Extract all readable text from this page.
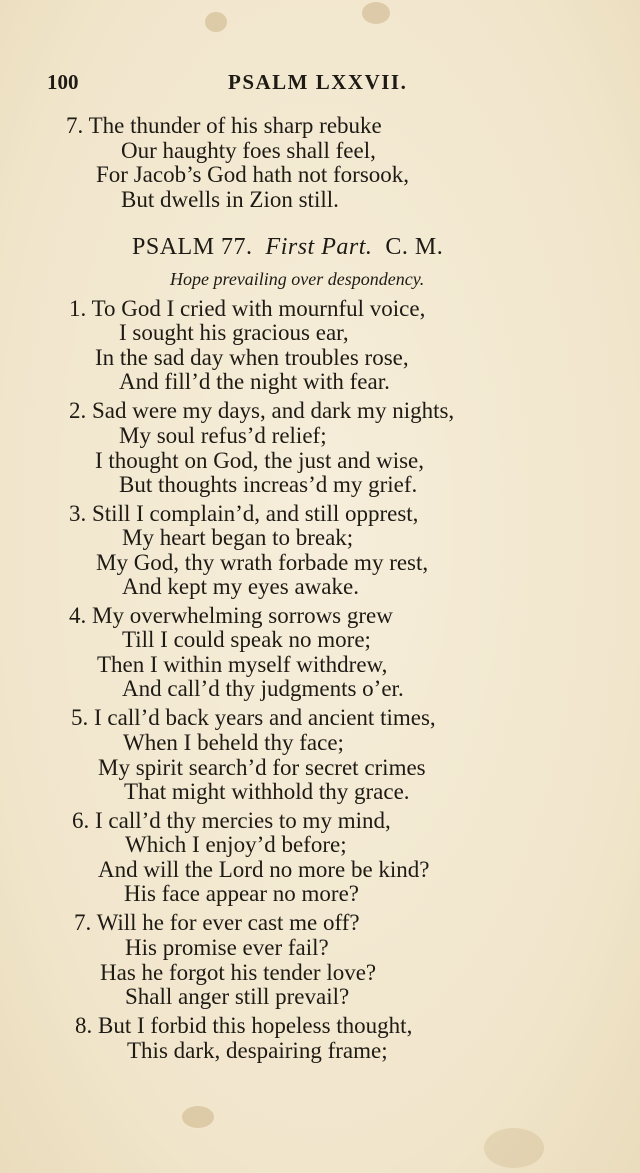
100	PSALM LXXVII.
7. The thunder of his sharp rebuke
Our haughty foes shall feel,
For Jacob’s God hath not forsook,
But dwells in Zion still.
PSALM 77. First Part. C. M.
Hope prevailing over despondency.
1. To God I cried with mournful voice,
I sought his gracious ear,
In the sad day when troubles rose,
And fill’d the night with fear.
2. Sad were my days, and dark my nights,
My soul refus’d relief;
I thought on God, the just and wise,
But thoughts increas’d my grief.
3. Still I complain’d, and still opprest,
My heart began to break;
My God, thy wrath forbade my rest,
And kept my eyes awake.
4. My overwhelming sorrows grew
Till I could speak no more;
Then I within myself withdrew,
And call’d thy judgments o’er.
5. I call’d back years and ancient times,
When I beheld thy face;
My spirit search’d for secret crimes
That might withhold thy grace.
6. I call’d thy mercies to my mind,
Which I enjoy’d before;
And will the Lord no more be kind?
His face appear no more?
7. Will he for ever cast me off?
His promise ever fail?
Has he forgot his tender love?
Shall anger still prevail?
8. But I forbid this hopeless thought,
This dark, despairing frame;
